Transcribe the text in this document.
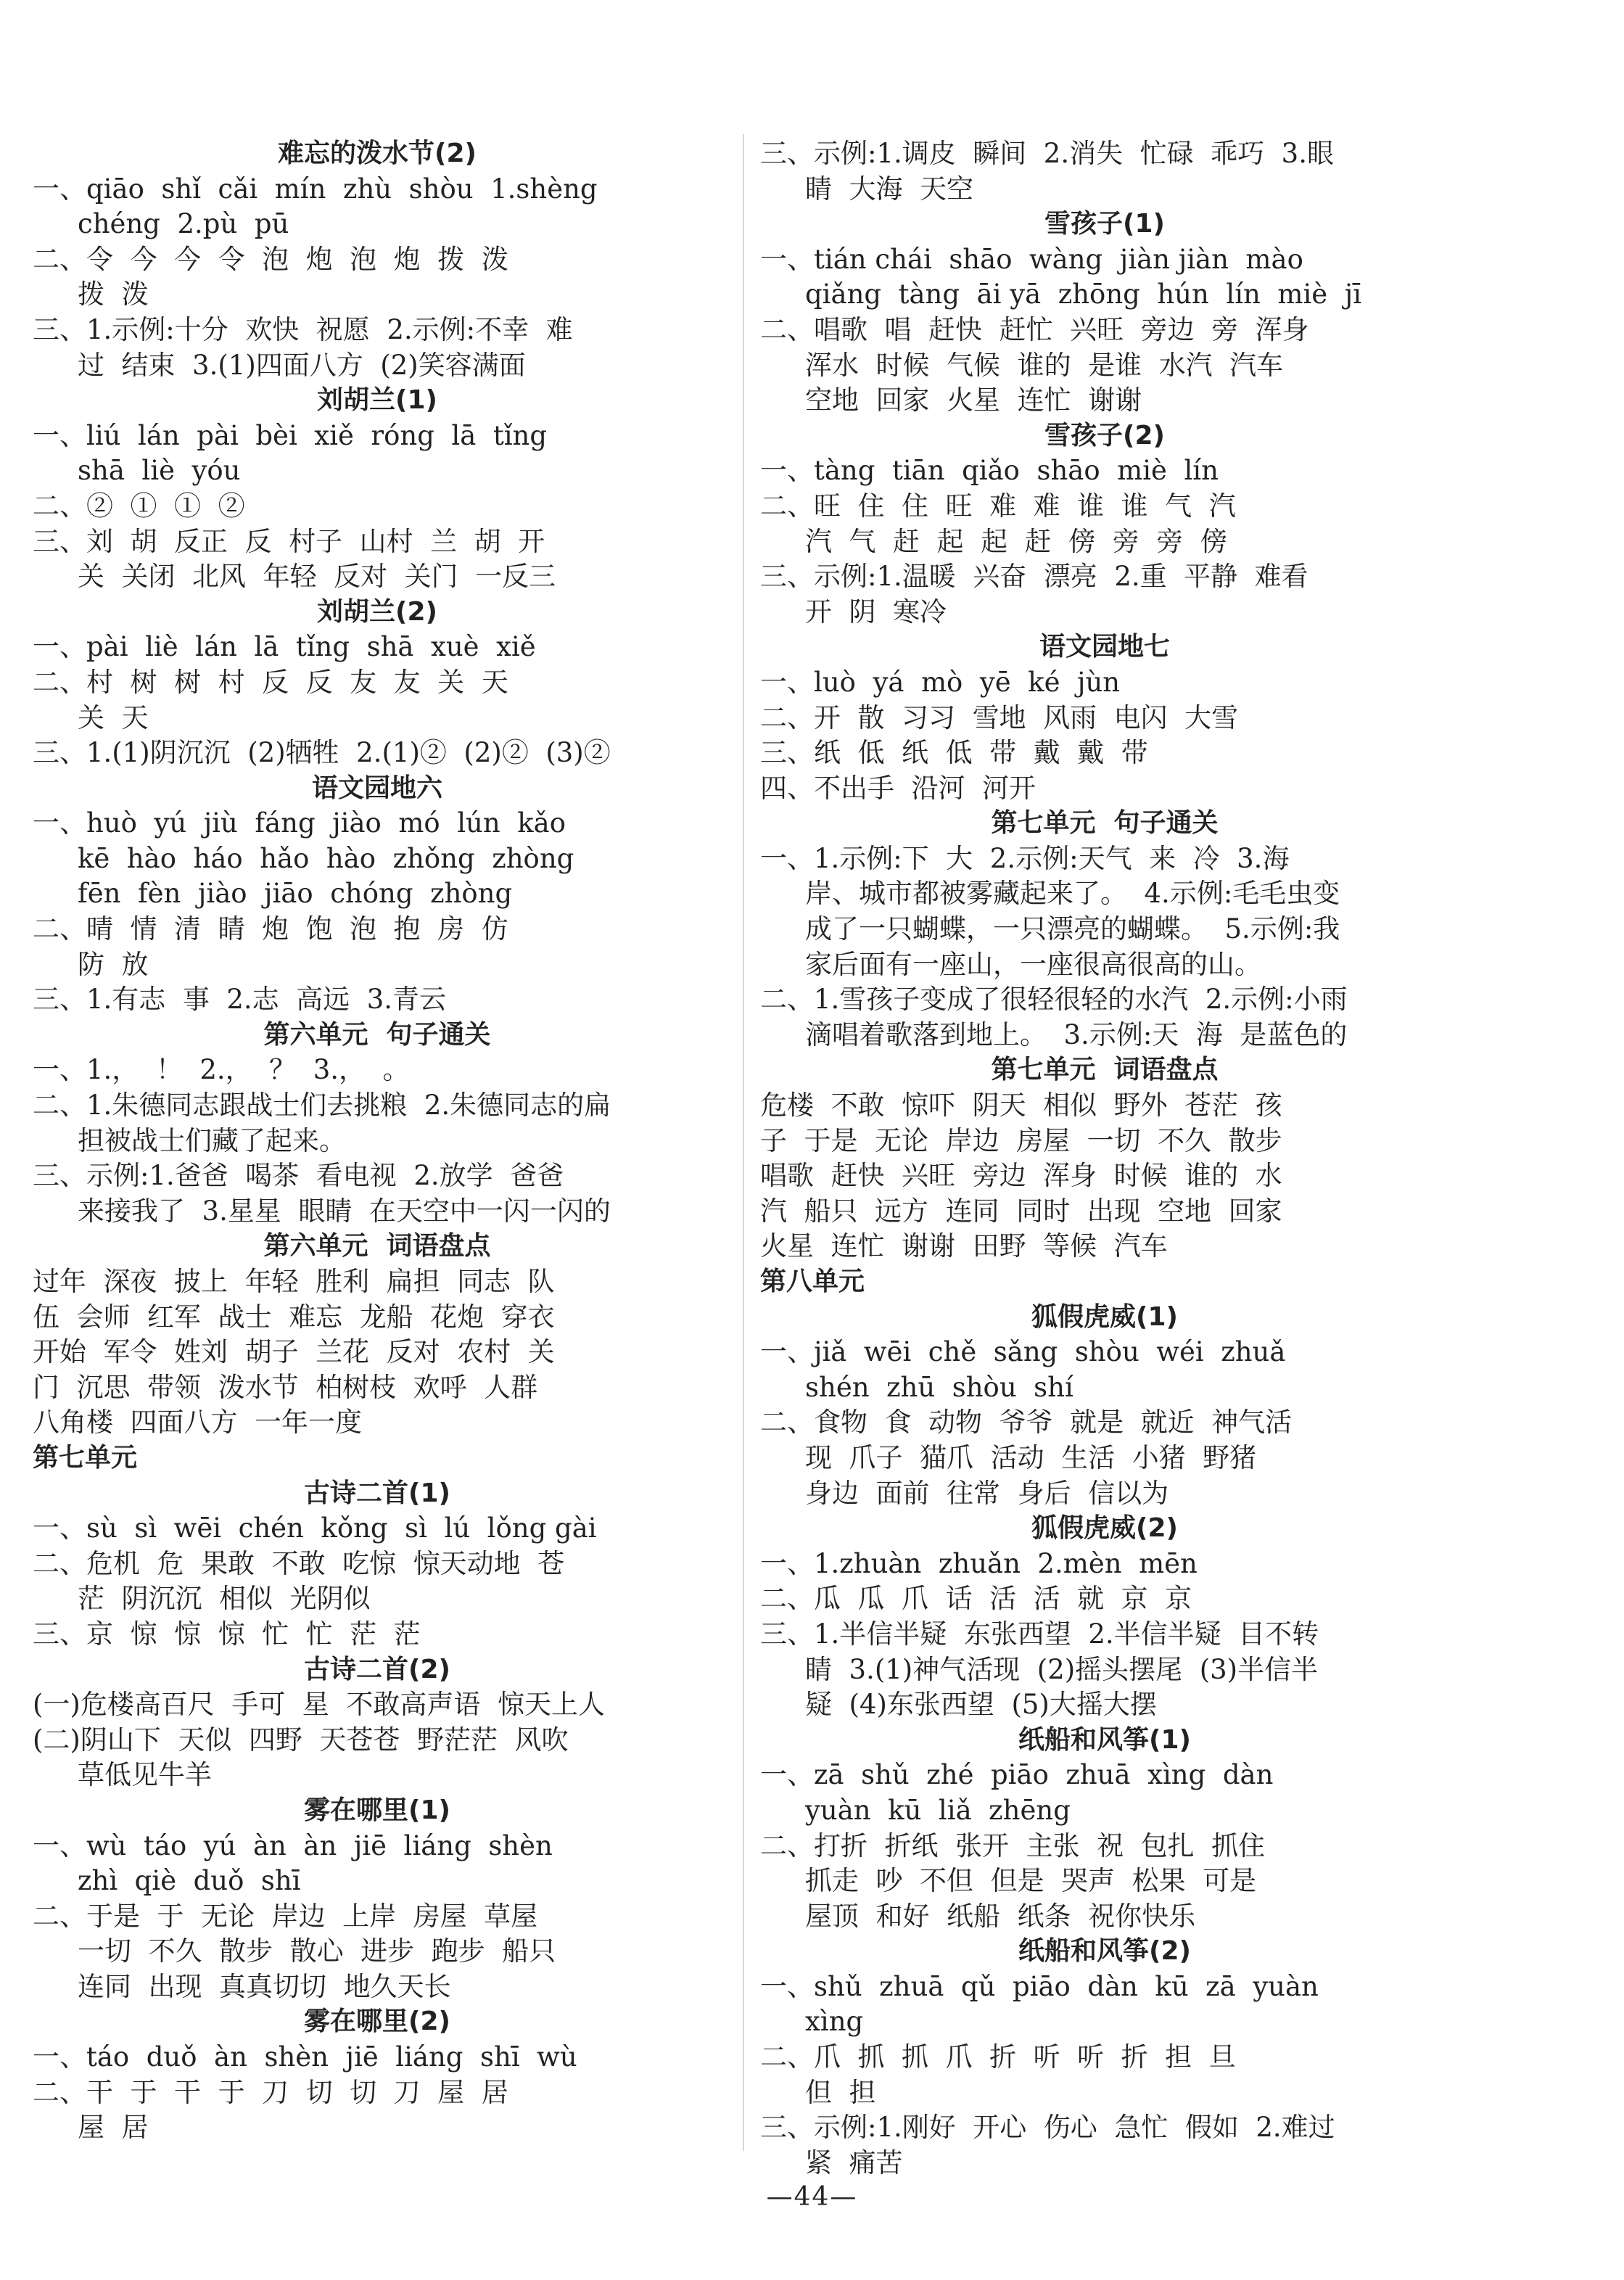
难忘的泼水节(2)
一、qiāo  shǐ  cǎi  mín  zhù  shòu  1.shèng
chéng  2.pù  pū
二、令  今  今  令  泡  炮  泡  炮  拨  泼
拨  泼
三、1.示例:十分  欢快  祝愿  2.示例:不幸  难
过  结束  3.(1)四面八方  (2)笑容满面
刘胡兰(1)
一、liú  lán  pài  bèi  xiě  róng  lā  tǐng
shā  liè  yóu
二、②  ①  ①  ②
三、刘  胡  反正  反  村子  山村  兰  胡  开
关  关闭  北风  年轻  反对  关门  一反三
刘胡兰(2)
一、pài  liè  lán  lā  tǐng  shā  xuè  xiě
二、村  树  树  村  反  反  友  友  关  天
关  天
三、1.(1)阴沉沉  (2)牺牲  2.(1)②  (2)②  (3)②
语文园地六
一、huò  yú  jiù  fáng  jiào  mó  lún  kǎo
kē  hào  háo  hǎo  hào  zhǒng  zhòng
fēn  fèn  jiào  jiāo  chóng  zhòng
二、晴  情  清  睛  炮  饱  泡  抱  房  仿
防  放
三、1.有志  事  2.志  高远  3.青云
第六单元  句子通关
一、1.，  ！  2.，  ？  3.，  。
二、1.朱德同志跟战士们去挑粮  2.朱德同志的扁
担被战士们藏了起来。
三、示例:1.爸爸  喝茶  看电视  2.放学  爸爸
来接我了  3.星星  眼睛  在天空中一闪一闪的
第六单元  词语盘点
过年  深夜  披上  年轻  胜利  扁担  同志  队
伍  会师  红军  战士  难忘  龙船  花炮  穿衣
开始  军令  姓刘  胡子  兰花  反对  农村  关
门  沉思  带领  泼水节  柏树枝  欢呼  人群
八角楼  四面八方  一年一度
第七单元
古诗二首(1)
一、sù  sì  wēi  chén  kǒng  sì  lú  lǒng gài
二、危机  危  果敢  不敢  吃惊  惊天动地  苍
茫  阴沉沉  相似  光阴似
三、京  惊  惊  惊  忙  忙  茫  茫
古诗二首(2)
(一)危楼高百尺  手可  星  不敢高声语  惊天上人
(二)阴山下  天似  四野  天苍苍  野茫茫  风吹
草低见牛羊
雾在哪里(1)
一、wù  táo  yú  àn  àn  jiē  liáng  shèn
zhì  qiè  duǒ  shī
二、于是  于  无论  岸边  上岸  房屋  草屋
一切  不久  散步  散心  进步  跑步  船只
连同  出现  真真切切  地久天长
雾在哪里(2)
一、táo  duǒ  àn  shèn  jiē  liáng  shī  wù
二、干  于  干  于  刀  切  切  刀  屋  居
屋  居
三、示例:1.调皮  瞬间  2.消失  忙碌  乖巧  3.眼
睛  大海  天空
雪孩子(1)
一、tián chái  shāo  wàng  jiàn jiàn  mào
qiǎng  tàng  āi yā  zhōng  hún  lín  miè  jī
二、唱歌  唱  赶快  赶忙  兴旺  旁边  旁  浑身
浑水  时候  气候  谁的  是谁  水汽  汽车
空地  回家  火星  连忙  谢谢
雪孩子(2)
一、tàng  tiān  qiǎo  shāo  miè  lín
二、旺  住  住  旺  难  难  谁  谁  气  汽
汽  气  赶  起  起  赶  傍  旁  旁  傍
三、示例:1.温暖  兴奋  漂亮  2.重  平静  难看
开  阴  寒冷
语文园地七
一、luò  yá  mò  yē  ké  jùn
二、开  散  习习  雪地  风雨  电闪  大雪
三、纸  低  纸  低  带  戴  戴  带
四、不出手  沿河  河开
第七单元  句子通关
一、1.示例:下  大  2.示例:天气  来  冷  3.海
岸、城市都被雾藏起来了。  4.示例:毛毛虫变
成了一只蝴蝶，一只漂亮的蝴蝶。  5.示例:我
家后面有一座山，一座很高很高的山。
二、1.雪孩子变成了很轻很轻的水汽  2.示例:小雨
滴唱着歌落到地上。  3.示例:天  海  是蓝色的
第七单元  词语盘点
危楼  不敢  惊吓  阴天  相似  野外  苍茫  孩
子  于是  无论  岸边  房屋  一切  不久  散步
唱歌  赶快  兴旺  旁边  浑身  时候  谁的  水
汽  船只  远方  连同  同时  出现  空地  回家
火星  连忙  谢谢  田野  等候  汽车
第八单元
狐假虎威(1)
一、jiǎ  wēi  chě  sǎng  shòu  wéi  zhuǎ
shén  zhū  shòu  shí
二、食物  食  动物  爷爷  就是  就近  神气活
现  爪子  猫爪  活动  生活  小猪  野猪
身边  面前  往常  身后  信以为
狐假虎威(2)
一、1.zhuàn  zhuǎn  2.mèn  mēn
二、瓜  瓜  爪  话  活  活  就  京  京
三、1.半信半疑  东张西望  2.半信半疑  目不转
睛  3.(1)神气活现  (2)摇头摆尾  (3)半信半
疑  (4)东张西望  (5)大摇大摆
纸船和风筝(1)
一、zā  shǔ  zhé  piāo  zhuā  xìng  dàn
yuàn  kū  liǎ  zhēng
二、打折  折纸  张开  主张  祝  包扎  抓住
抓走  吵  不但  但是  哭声  松果  可是
屋顶  和好  纸船  纸条  祝你快乐
纸船和风筝(2)
一、shǔ  zhuā  qǔ  piāo  dàn  kū  zā  yuàn
xìng
二、爪  抓  抓  爪  折  听  听  折  担  旦
但  担
三、示例:1.刚好  开心  伤心  急忙  假如  2.难过
紧  痛苦
—44—
